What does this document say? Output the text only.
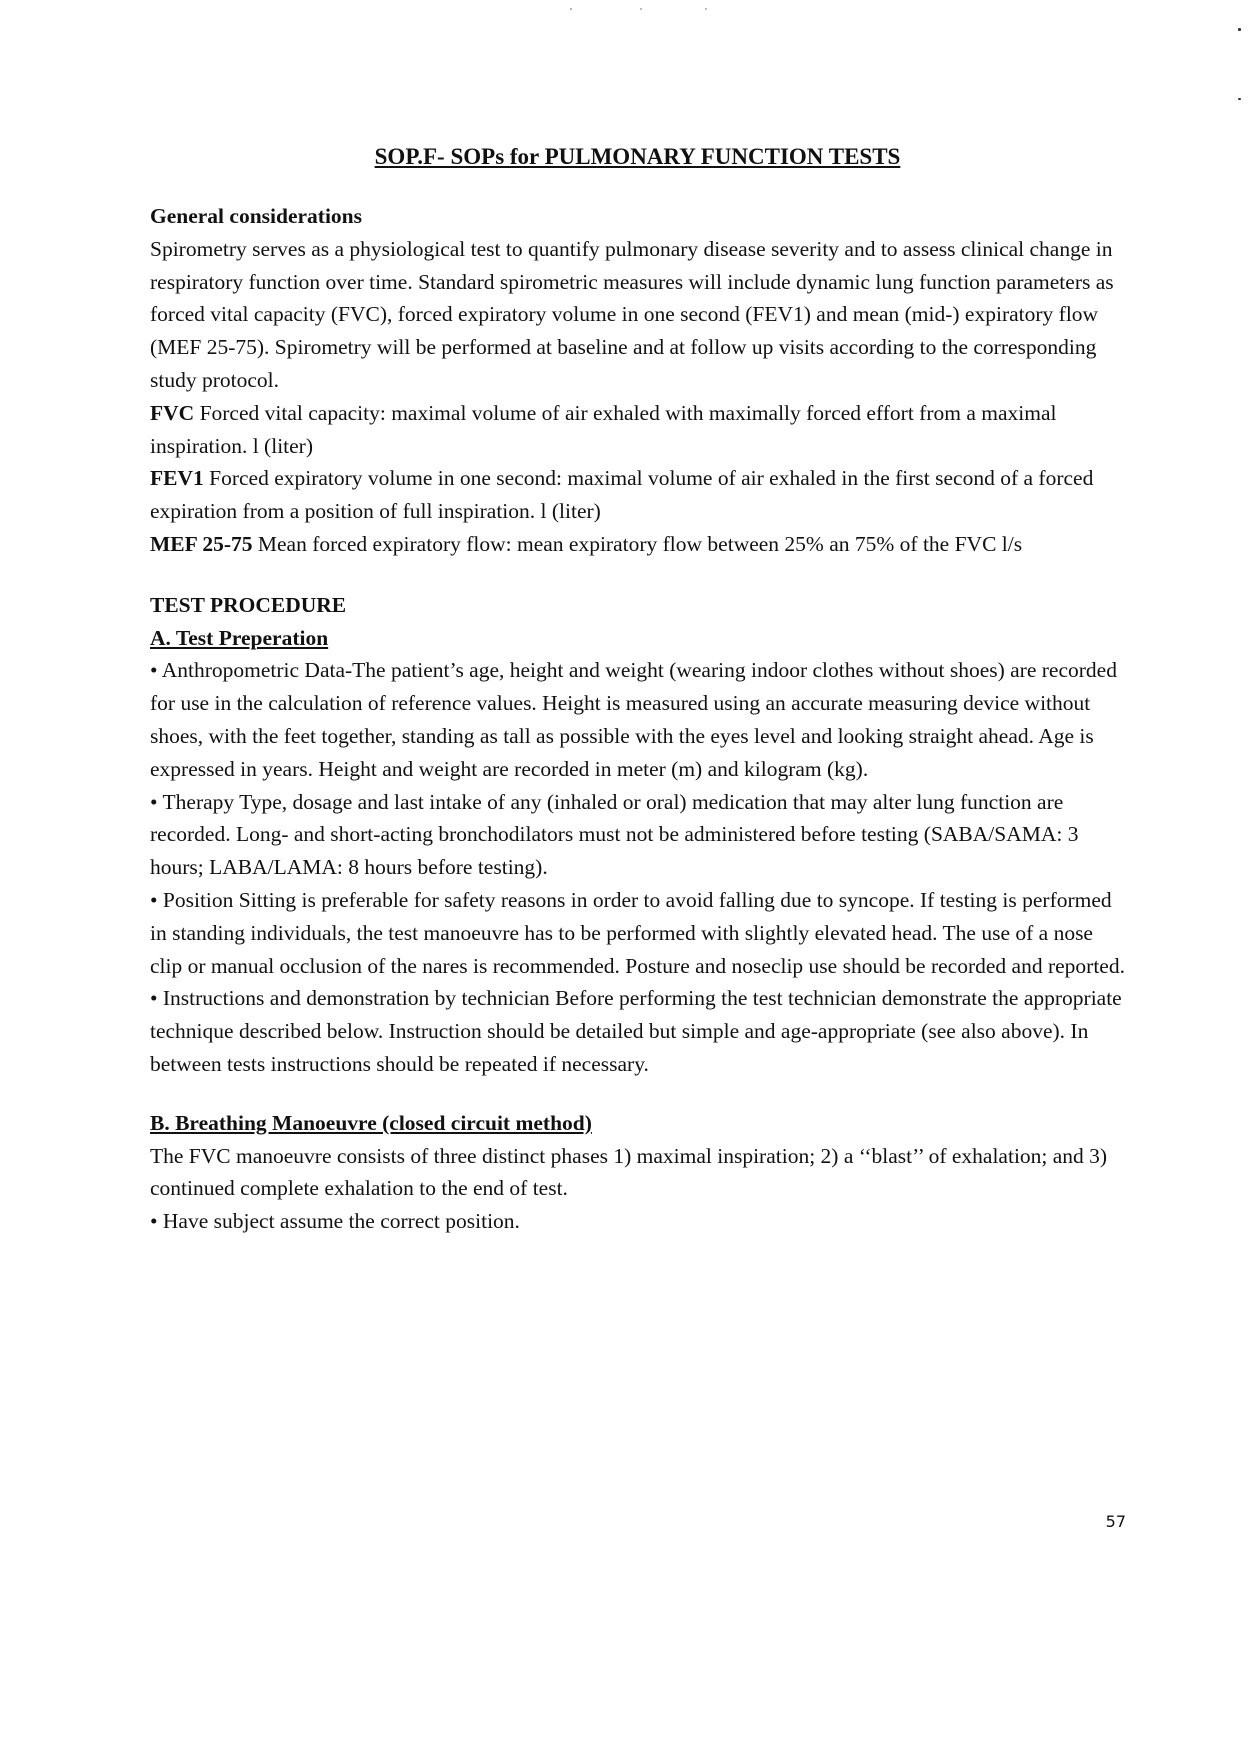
SOP.F- SOPs for PULMONARY FUNCTION TESTS

General considerations

Spirometry serves as a physiological test to quantify pulmonary disease severity and to assess clinical change in respiratory function over time. Standard spirometric measures will include dynamic lung function parameters as forced vital capacity (FVC), forced expiratory volume in one second (FEV1) and mean (mid-) expiratory flow (MEF 25-75). Spirometry will be performed at baseline and at follow up visits according to the corresponding study protocol.

FVC Forced vital capacity: maximal volume of air exhaled with maximally forced effort from a maximal inspiration. l (liter)

FEV1 Forced expiratory volume in one second: maximal volume of air exhaled in the first second of a forced expiration from a position of full inspiration. l (liter)

MEF 25-75 Mean forced expiratory flow: mean expiratory flow between 25% an 75% of the FVC l/s

TEST PROCEDURE

A. Test Preperation

• Anthropometric Data-The patient’s age, height and weight (wearing indoor clothes without shoes) are recorded for use in the calculation of reference values. Height is measured using an accurate measuring device without shoes, with the feet together, standing as tall as possible with the eyes level and looking straight ahead. Age is expressed in years. Height and weight are recorded in meter (m) and kilogram (kg).

• Therapy Type, dosage and last intake of any (inhaled or oral) medication that may alter lung function are recorded. Long- and short-acting bronchodilators must not be administered before testing (SABA/SAMA: 3 hours; LABA/LAMA: 8 hours before testing).

• Position Sitting is preferable for safety reasons in order to avoid falling due to syncope. If testing is performed in standing individuals, the test manoeuvre has to be performed with slightly elevated head. The use of a nose clip or manual occlusion of the nares is recommended. Posture and noseclip use should be recorded and reported.

• Instructions and demonstration by technician Before performing the test technician demonstrate the appropriate technique described below. Instruction should be detailed but simple and age-appropriate (see also above). In between tests instructions should be repeated if necessary.

B. Breathing Manoeuvre (closed circuit method)

The FVC manoeuvre consists of three distinct phases 1) maximal inspiration; 2) a ‘‘blast’’ of exhalation; and 3) continued complete exhalation to the end of test.

• Have subject assume the correct position.

57
